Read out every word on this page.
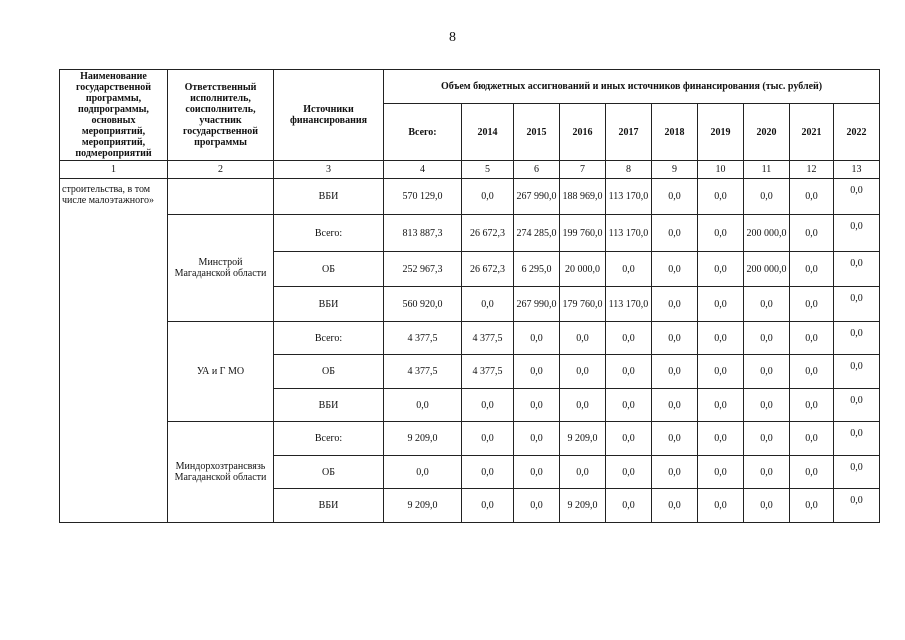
8
Наименование государственной программы, подпрограммы, основных мероприятий, мероприятий, подмероприятий	Ответственный исполнитель, соисполнитель, участник государственной программы	Источники финансирования	Объем бюджетных ассигнований и иных источников финансирования (тыс. рублей)									
			Всего:	2014	2015	2016	2017	2018	2019	2020	2021	2022
1	2	3	4	5	6	7	8	9	10	11	12	13
строительства, в том числе малоэтажного»		ВБИ	570 129,0	0,0	267 990,0	188 969,0	113 170,0	0,0	0,0	0,0	0,0	0,0
	Минстрой Магаданской области	Всего:	813 887,3	26 672,3	274 285,0	199 760,0	113 170,0	0,0	0,0	200 000,0	0,0	0,0
		ОБ	252 967,3	26 672,3	6 295,0	20 000,0	0,0	0,0	0,0	200 000,0	0,0	0,0
		ВБИ	560 920,0	0,0	267 990,0	179 760,0	113 170,0	0,0	0,0	0,0	0,0	0,0
	УА и Г МО	Всего:	4 377,5	4 377,5	0,0	0,0	0,0	0,0	0,0	0,0	0,0	0,0
		ОБ	4 377,5	4 377,5	0,0	0,0	0,0	0,0	0,0	0,0	0,0	0,0
		ВБИ	0,0	0,0	0,0	0,0	0,0	0,0	0,0	0,0	0,0	0,0
	Миндорхозтрансвязь Магаданской области	Всего:	9 209,0	0,0	0,0	9 209,0	0,0	0,0	0,0	0,0	0,0	0,0
		ОБ	0,0	0,0	0,0	0,0	0,0	0,0	0,0	0,0	0,0	0,0
		ВБИ	9 209,0	0,0	0,0	9 209,0	0,0	0,0	0,0	0,0	0,0	0,0
